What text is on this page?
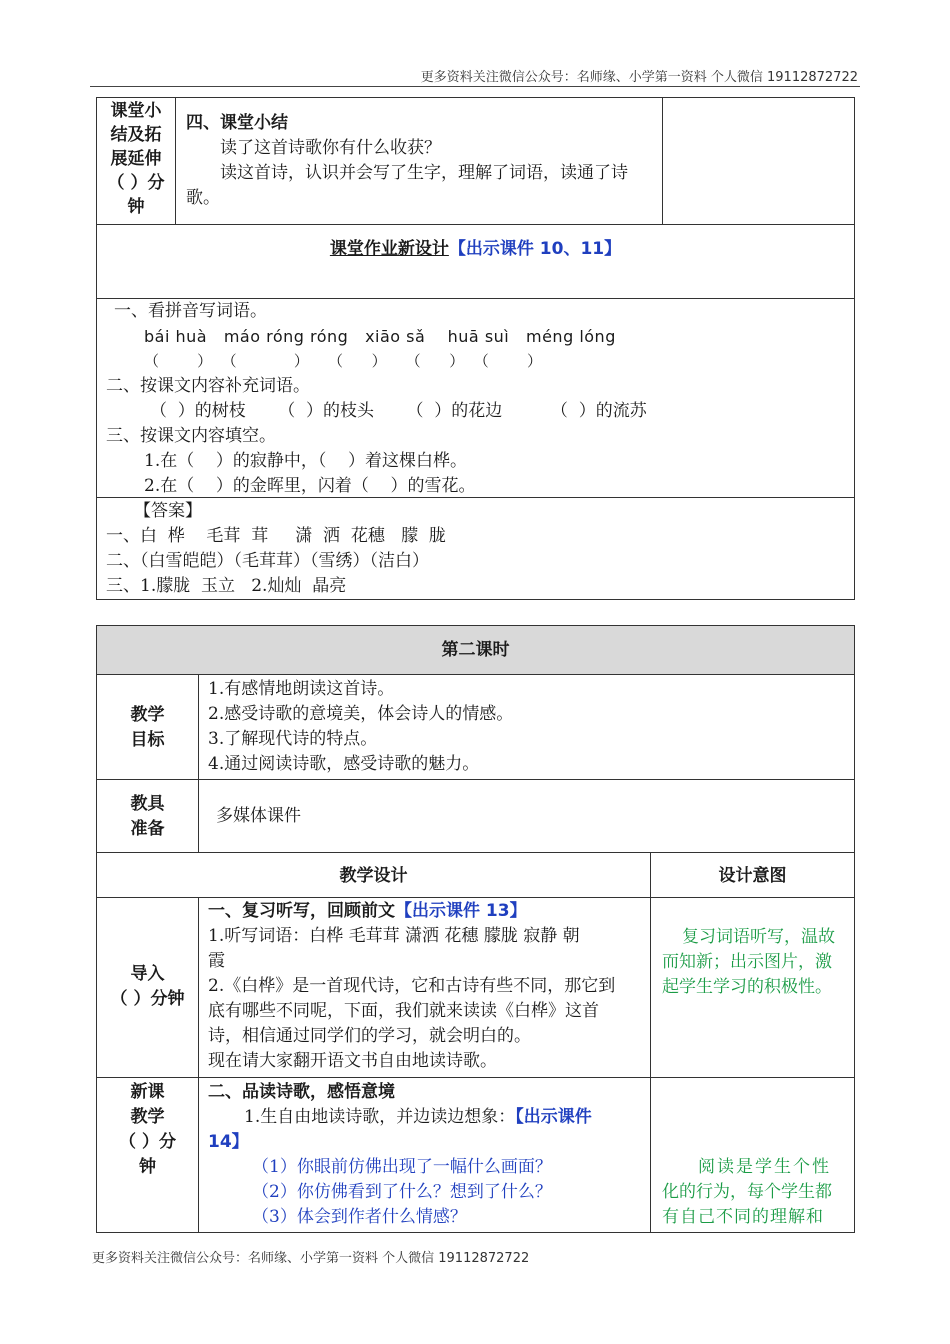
更多资料关注微信公众号：名师缘、小学第一资料 个人微信 19112872722

课堂小

结及拓

展延伸

（ ）分

钟

四、课堂小结

读了这首诗歌你有什么收获？

读这首诗，认识并会写了生字，理解了词语，读通了诗

歌。

课堂作业新设计【出示课件 10、11】

一、看拼音写词语。

bái huà   máo róng róng   xiāo sǎ    huā suì   méng lóng

（        ）  （            ）    （      ）    （      ）  （        ）

二、按课文内容补充词语。

（  ）的树枝      （  ）的枝头      （  ）的花边         （  ）的流苏

三、按课文内容填空。

1.在（    ）的寂静中，（    ）着这棵白桦。

2.在（    ）的金晖里，闪着（    ）的雪花。

【答案】

一、白  桦    毛茸  茸     潇  洒  花穗   朦  胧

二、（白雪皑皑）（毛茸茸）（雪绣）（洁白）

三、1.朦胧  玉立   2.灿灿  晶亮

第二课时

教学

目标

1.有感情地朗读这首诗。

2.感受诗歌的意境美，体会诗人的情感。

3.了解现代诗的特点。

4.通过阅读诗歌，感受诗歌的魅力。

教具

准备

多媒体课件
教学设计	设计意图

导入

（ ）分钟

一、复习听写，回顾前文【出示课件 13】

1.听写词语：白桦 毛茸茸 潇洒 花穗 朦胧 寂静 朝

霞

2.《白桦》是一首现代诗，它和古诗有些不同，那它到

底有哪些不同呢，下面，我们就来读读《白桦》这首

诗，相信通过同学们的学习，就会明白的。

现在请大家翻开语文书自由地读诗歌。

复习词语听写，温故

而知新；出示图片，激

起学生学习的积极性。

新课

教学

（ ）分

钟

二、品读诗歌，感悟意境

1.生自由地读诗歌，并边读边想象：【出示课件

14】

（1）你眼前仿佛出现了一幅什么画面？

（2）你仿佛看到了什么？想到了什么？

（3）体会到作者什么情感？

阅读是学生个性

化的行为，每个学生都

有自己不同的理解和

更多资料关注微信公众号：名师缘、小学第一资料 个人微信 19112872722
